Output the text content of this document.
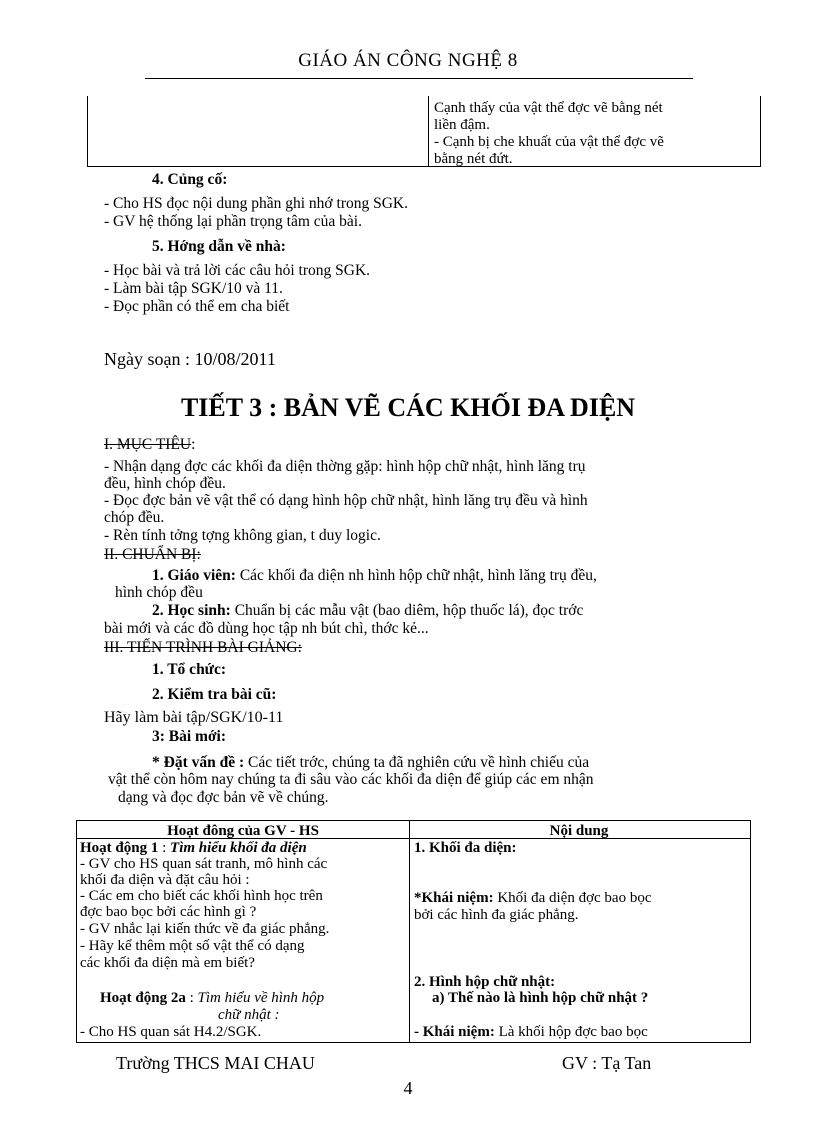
GIÁO ÁN CÔNG NGHỆ 8
Cạnh thấy của vật thể đợc vẽ bằng nét
liền đậm.
- Cạnh bị che khuất của vật thể đợc vẽ
bằng nét đứt.
4. Củng cố:
- Cho HS đọc nội dung phần ghi nhớ trong SGK.
- GV hệ thống lại phần trọng tâm của bài.
5. Hớng dẫn về nhà:
- Học bài và trả lời các câu hỏi trong SGK.
- Làm bài tập SGK/10 và 11.
- Đọc phần có thể em cha biết
Ngày soạn : 10/08/2011
TIẾT 3 : BẢN VẼ CÁC KHỐI ĐA DIỆN
I. MỤC TIÊU:
- Nhận dạng đợc các khối đa diện thờng gặp: hình hộp chữ nhật, hình lăng trụ
đều, hình chóp đều.
- Đọc đợc bản vẽ vật thể có dạng hình hộp chữ nhật, hình lăng trụ đều và hình
chóp đều.
- Rèn tính tởng tợng không gian, t duy logic.
II. CHUẨN BỊ:
1. Giáo viên: Các khối đa diện nh hình hộp chữ nhật, hình lăng trụ đều,
hình chóp đều
2. Học sinh: Chuẩn bị các mẫu vật (bao diêm, hộp thuốc lá), đọc trớc
bài mới và các đồ dùng học tập nh bút chì, thớc kẻ...
III. TIẾN TRÌNH BÀI GIẢNG:
1. Tổ chức:
2. Kiểm tra bài cũ:
Hãy làm bài tập/SGK/10-11
3: Bài mới:
* Đặt vấn đề : Các tiết trớc, chúng ta đã nghiên cứu về hình chiếu của
vật thể còn hôm nay chúng ta đi sâu vào các khối đa diện để giúp các em nhận
dạng và đọc đợc bản vẽ về chúng.
Hoạt đông của GV - HS	Nội dung
Hoạt động 1 : Tìm hiểu khối đa diện
- GV cho HS quan sát tranh, mô hình các
khối đa diện và đặt câu hỏi :
- Các em cho biết các khối hình học trên
đợc bao bọc bởi các hình gì ?
- GV nhắc lại kiến thức về đa giác phẳng.
- Hãy kể thêm một số vật thể có dạng
các khối đa diện mà em biết?
Hoạt động 2a : Tìm hiểu về hình hộp
chữ nhật :
- Cho HS quan sát H4.2/SGK.
1. Khối đa diện:
*Khái niệm: Khối đa diện đợc bao bọc
bởi các hình đa giác phẳng.
2. Hình hộp chữ nhật:
a) Thế nào là hình hộp chữ nhật ?
- Khái niệm: Là khối hộp đợc bao bọc
Trường THCS MAI CHAU	GV : Tạ Tan
4
